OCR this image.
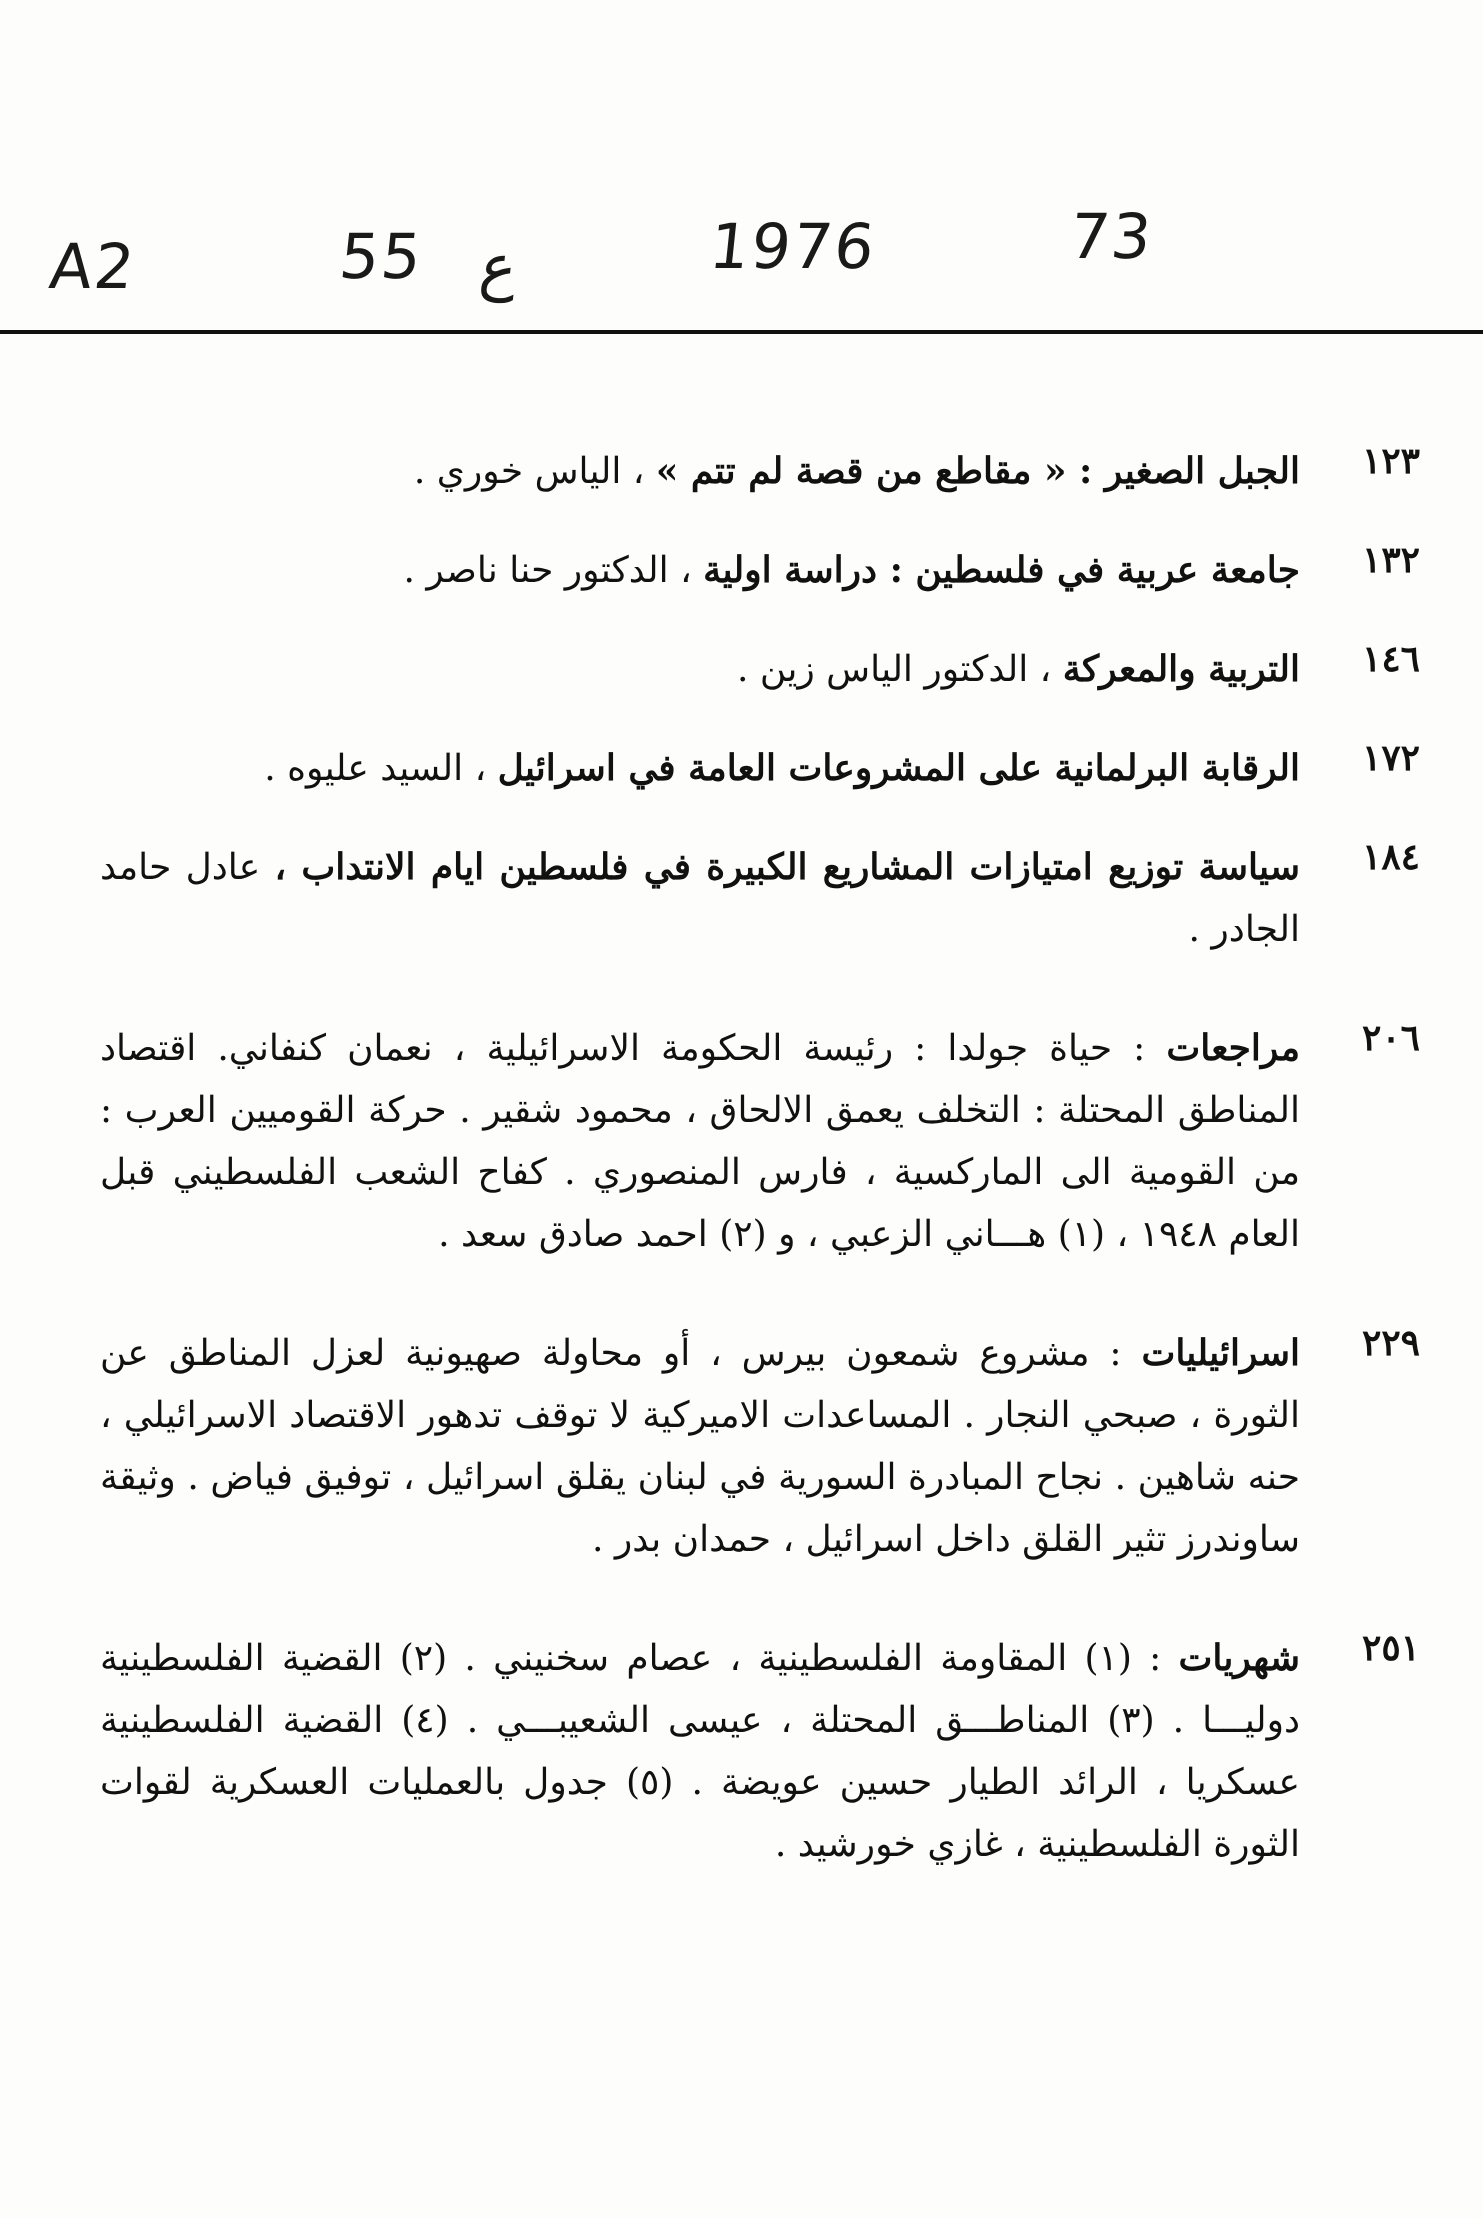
A2	55 ع	1976	73
١٢٣
الجبل الصغير : « مقاطع من قصة لم تتم » ، الياس خوري .
١٣٢
جامعة عربية في فلسطين : دراسة اولية ، الدكتور حنا ناصر .
١٤٦
التربية والمعركة ، الدكتور الياس زين .
١٧٢
الرقابة البرلمانية على المشروعات العامة في اسرائيل ، السيد عليوه .
١٨٤
سياسة توزيع امتيازات المشاريع الكبيرة في فلسطين ايام الانتداب ، عادل حامد الجادر .
٢٠٦
مراجعات : حياة جولدا : رئيسة الحكومة الاسرائيلية ، نعمان كنفاني. اقتصاد المناطق المحتلة : التخلف يعمق الالحاق ، محمود شقير . حركة القوميين العرب : من القومية الى الماركسية ، فارس المنصوري . كفاح الشعب الفلسطيني قبل العام ١٩٤٨ ، (١) هـــاني الزعبي ، و (٢) احمد صادق سعد .
٢٢٩
اسرائيليات : مشروع شمعون بيرس ، أو محاولة صهيونية لعزل المناطق عن الثورة ، صبحي النجار . المساعدات الاميركية لا توقف تدهور الاقتصاد الاسرائيلي ، حنه شاهين . نجاح المبادرة السورية في لبنان يقلق اسرائيل ، توفيق فياض . وثيقة ساوندرز تثير القلق داخل اسرائيل ، حمدان بدر .
٢٥١
شهريات : (١) المقاومة الفلسطينية ، عصام سخنيني . (٢) القضية الفلسطينية دوليـــا . (٣) المناطـــق المحتلة ، عيسى الشعيبـــي . (٤) القضية الفلسطينية عسكريا ، الرائد الطيار حسين عويضة . (٥) جدول بالعمليات العسكرية لقوات الثورة الفلسطينية ، غازي خورشيد .
